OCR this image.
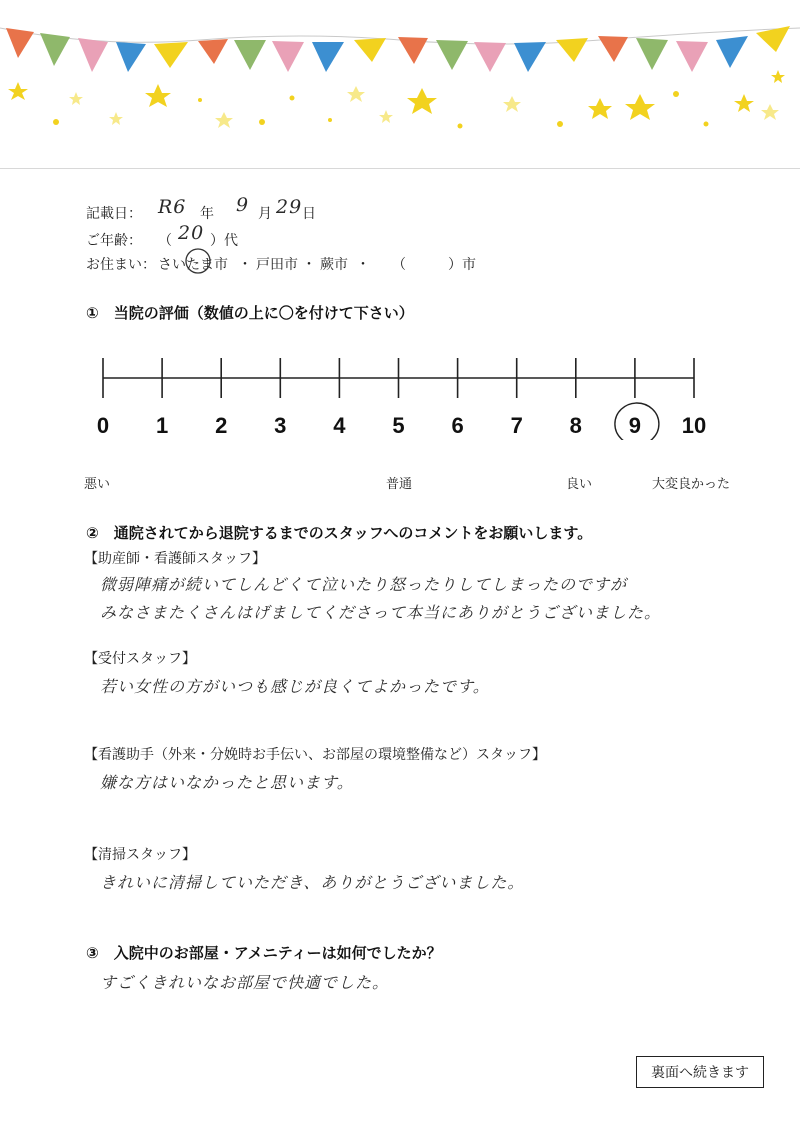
記載日： R6 年 9 月 29 日
ご年齢： （ 20 ）代
お住まい： さいたま市 ・ 戸田市 ・ 蕨市 ・ （	）市
①　当院の評価（数値の上に〇を付けて下さい）
0 1 2 3 4 5 6 7 8 9 10
悪い	普通	良い	大変良かった
②　通院されてから退院するまでのスタッフへのコメントをお願いします。
【助産師・看護師スタッフ】
微弱陣痛が続いてしんどくて泣いたり怒ったりしてしまったのですが
みなさまたくさんはげましてくださって本当にありがとうございました。
【受付スタッフ】
若い女性の方がいつも感じが良くてよかったです。
【看護助手（外来・分娩時お手伝い、お部屋の環境整備など）スタッフ】
嫌な方はいなかったと思います。
【清掃スタッフ】
きれいに清掃していただき、ありがとうございました。
③　入院中のお部屋・アメニティーは如何でしたか？
すごくきれいなお部屋で快適でした。
裏面へ続きます
